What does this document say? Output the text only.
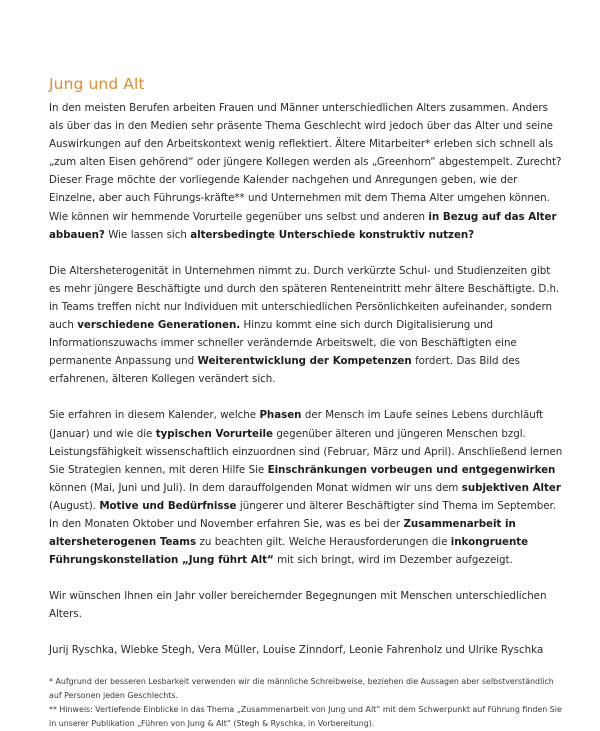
Jung und Alt

In den meisten Berufen arbeiten Frauen und Männer unterschiedlichen Alters zusammen. Anders als über das in den Medien sehr präsente Thema Geschlecht wird jedoch über das Alter und seine Auswirkungen auf den Arbeitskontext wenig reflektiert. Ältere Mitarbeiter* erleben sich schnell als „zum alten Eisen gehörend“ oder jüngere Kollegen werden als „Greenhorn“ abgestempelt. Zurecht? Dieser Frage möchte der vorliegende Kalender nachgehen und Anregungen geben, wie der Einzelne, aber auch Führungs-kräfte** und Unternehmen mit dem Thema Alter umgehen können. Wie können wir hemmende Vorurteile gegenüber uns selbst und anderen in Bezug auf das Alter abbauen? Wie lassen sich altersbedingte Unterschiede konstruktiv nutzen?

Die Altersheterogenität in Unternehmen nimmt zu. Durch verkürzte Schul- und Studienzeiten gibt es mehr jüngere Beschäftigte und durch den späteren Renteneintritt mehr ältere Beschäftigte. D.h. in Teams treffen nicht nur Individuen mit unterschiedlichen Persönlichkeiten aufeinander, sondern auch verschiedene Generationen. Hinzu kommt eine sich durch Digitalisierung und Informationszuwachs immer schneller verändernde Arbeitswelt, die von Beschäftigten eine permanente Anpassung und Weiterentwicklung der Kompetenzen fordert. Das Bild des erfahrenen, älteren Kollegen verändert sich.

Sie erfahren in diesem Kalender, welche Phasen der Mensch im Laufe seines Lebens durchläuft (Januar) und wie die typischen Vorurteile gegenüber älteren und jüngeren Menschen bzgl. Leistungsfähigkeit wissenschaftlich einzuordnen sind (Februar, März und April). Anschließend lernen Sie Strategien kennen, mit deren Hilfe Sie Einschränkungen vorbeugen und entgegenwirken können (Mai, Juni und Juli). In dem darauffolgenden Monat widmen wir uns dem subjektiven Alter (August). Motive und Bedürfnisse jüngerer und älterer Beschäftigter sind Thema im September. In den Monaten Oktober und November erfahren Sie, was es bei der Zusammenarbeit in altersheterogenen Teams zu beachten gilt. Welche Herausforderungen die inkongruente Führungskonstellation „Jung führt Alt“ mit sich bringt, wird im Dezember aufgezeigt.

Wir wünschen Ihnen ein Jahr voller bereichernder Begegnungen mit Menschen unterschiedlichen Alters.

Jurij Ryschka, Wiebke Stegh, Vera Müller, Louise Zinndorf, Leonie Fahrenholz und Ulrike Ryschka

* Aufgrund der besseren Lesbarkeit verwenden wir die männliche Schreibweise, beziehen die Aussagen aber selbstverständlich auf Personen jeden Geschlechts.

** Hinweis: Vertiefende Einblicke in das Thema „Zusammenarbeit von Jung und Alt“ mit dem Schwerpunkt auf Führung finden Sie in unserer Publikation „Führen von Jung & Alt“ (Stegh & Ryschka, in Vorbereitung).
